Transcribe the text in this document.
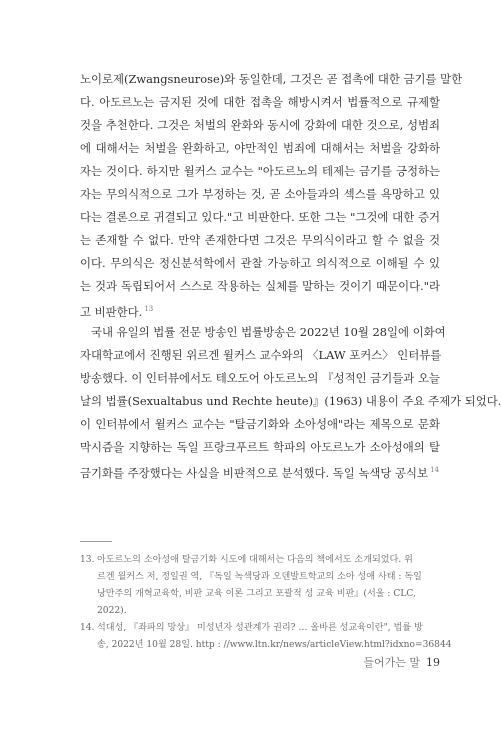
노이로제(Zwangsneurose)와 동일한데, 그것은 곧 접촉에 대한 금기를 말한
다. 아도르노는 금지된 것에 대한 접촉을 해방시켜서 법률적으로 규제할
것을 추천한다. 그것은 처벌의 완화와 동시에 강화에 대한 것으로, 성범죄
에 대해서는 처벌을 완화하고, 야만적인 범죄에 대해서는 처벌을 강화하
자는 것이다. 하지만 윌커스 교수는 "아도르노의 테제는 금기를 긍정하는
자는 무의식적으로 그가 부정하는 것, 곧 소아들과의 섹스를 욕망하고 있
다는 결론으로 귀결되고 있다."고 비판한다. 또한 그는 "그것에 대한 증거
는 존재할 수 없다. 만약 존재한다면 그것은 무의식이라고 할 수 없을 것
이다. 무의식은 정신분석학에서 관찰 가능하고 의식적으로 이해될 수 있
는 것과 독립되어서 스스로 작용하는 실체를 말하는 것이기 때문이다."라
고 비판한다. $^{13}$
국내 유일의 법률 전문 방송인 법률방송은 2022년 10월 28일에 이화여
자대학교에서 진행된 위르겐 윌커스 교수와의 〈LAW 포커스〉 인터뷰를
방송했다. 이 인터뷰에서도 테오도어 아도르노의 『성적인 금기들과 오늘
날의 법률(Sexualtabus und Rechte heute)』(1963) 내용이 주요 주제가 되었다.
이 인터뷰에서 윌커스 교수는 "탈금기화와 소아성애"라는 제목으로 문화
막시즘을 지향하는 독일 프랑크푸르트 학파의 아도르노가 소아성애의 탈
금기화를 주장했다는 사실을 비판적으로 분석했다. 독일 녹색당 공식보 $^{14}$
13. 아도르노의 소아성애 탈금기화 시도에 대해서는 다음의 책에서도 소개되었다. 위
르겐 윌커스 저, 정일권 역, 『독일 녹색당과 오덴발트학교의 소아 성애 사태 : 독일
낭만주의 개혁교육학, 비판 교육 이론 그리고 포괄적 성 교육 비판』(서울 : CLC,
2022).
14. 석대성, 『좌파의 망상』 미성년자 성관계가 권리? … 올바른 성교육이란", 법률 방
송, 2022년 10월 28일. http : //www.ltn.kr/news/articleView.html?idxno=36844
들어가는 말 19
